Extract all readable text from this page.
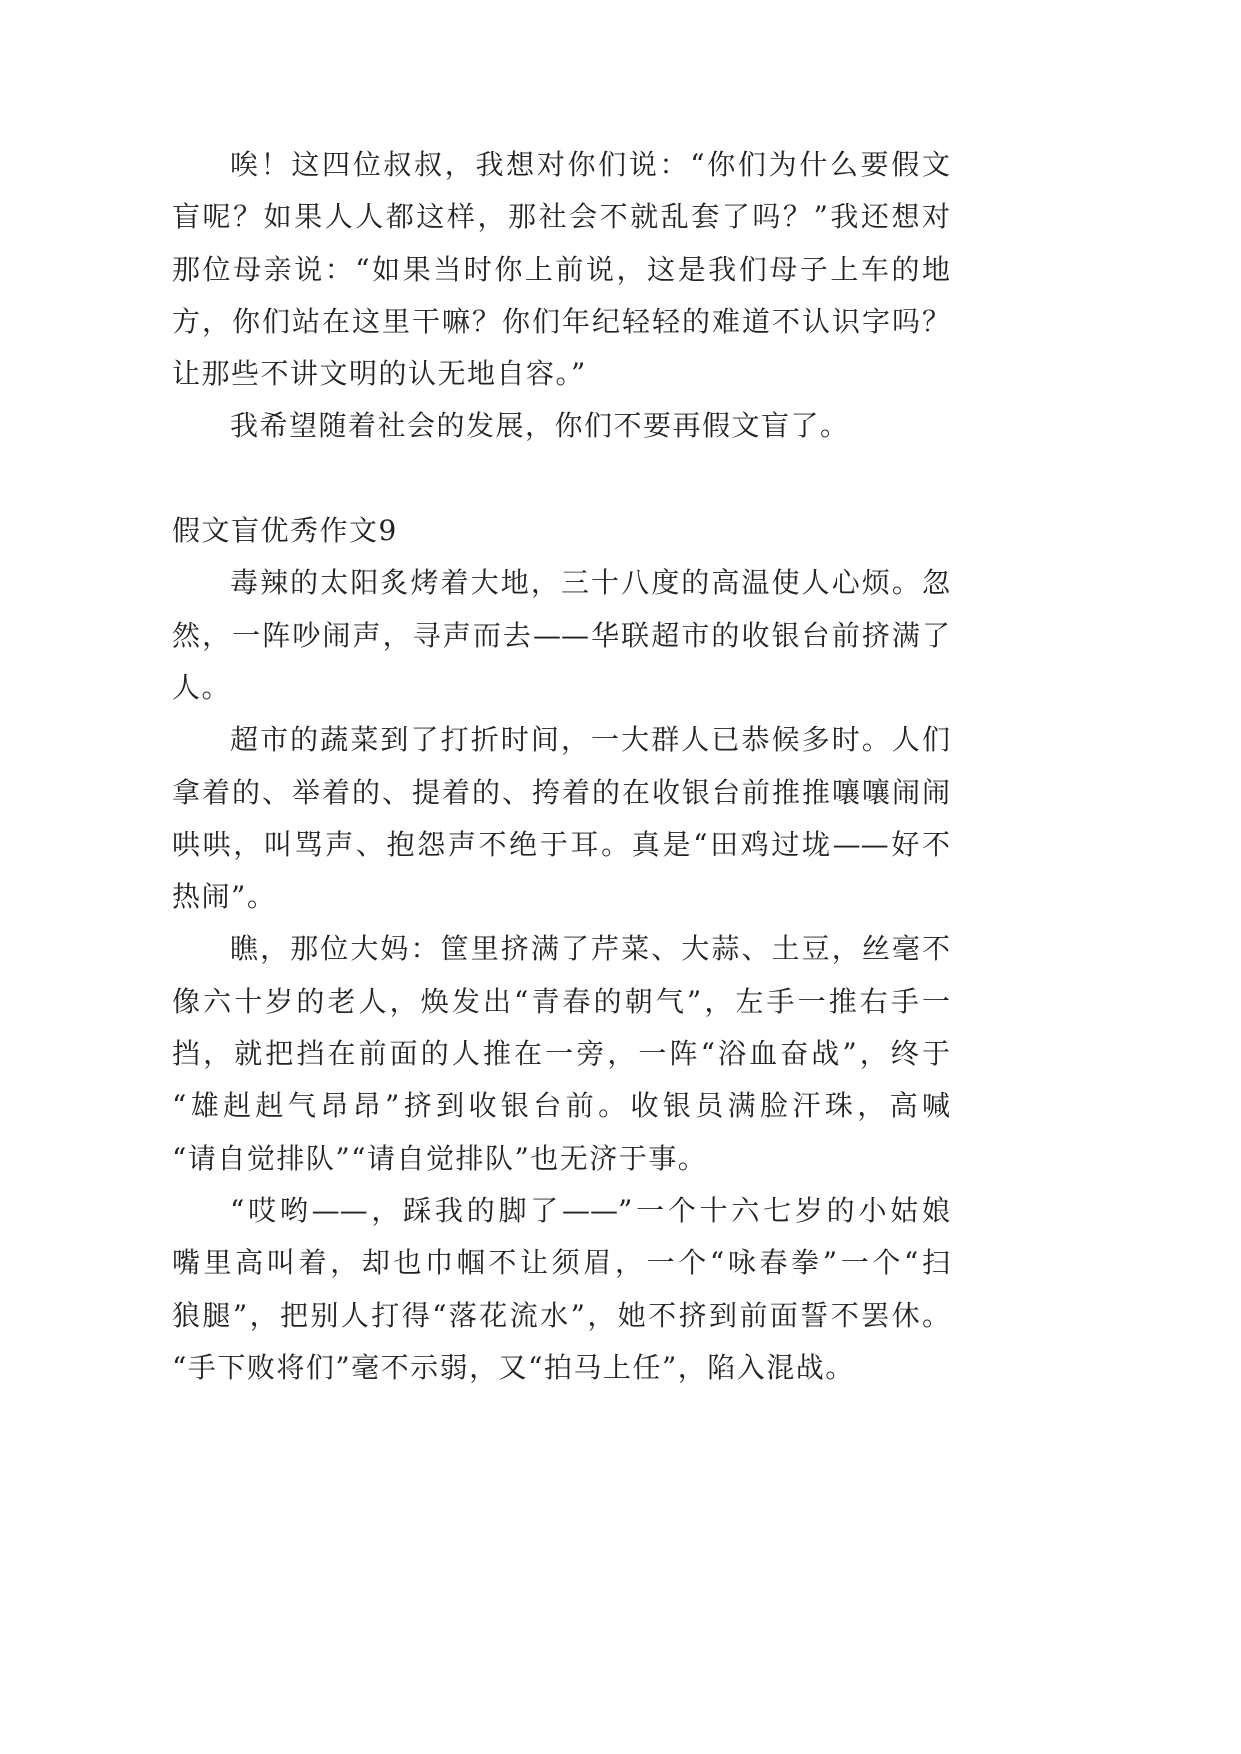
唉！这四位叔叔，我想对你们说：“你们为什么要假文
盲呢？如果人人都这样，那社会不就乱套了吗？”我还想对
那位母亲说：“如果当时你上前说，这是我们母子上车的地
方，你们站在这里干嘛？你们年纪轻轻的难道不认识字吗？
让那些不讲文明的认无地自容。”
我希望随着社会的发展，你们不要再假文盲了。
假文盲优秀作文9
毒辣的太阳炙烤着大地，三十八度的高温使人心烦。忽
然，一阵吵闹声，寻声而去——华联超市的收银台前挤满了
人。
超市的蔬菜到了打折时间，一大群人已恭候多时。人们
拿着的、举着的、提着的、挎着的在收银台前推推嚷嚷闹闹
哄哄，叫骂声、抱怨声不绝于耳。真是“田鸡过垅——好不
热闹”。
瞧，那位大妈：筐里挤满了芹菜、大蒜、土豆，丝毫不
像六十岁的老人，焕发出“青春的朝气”，左手一推右手一
挡，就把挡在前面的人推在一旁，一阵“浴血奋战”，终于
“雄赳赳气昂昂”挤到收银台前。收银员满脸汗珠，高喊
“请自觉排队”“请自觉排队”也无济于事。
“哎哟——，踩我的脚了——”一个十六七岁的小姑娘
嘴里高叫着，却也巾帼不让须眉，一个“咏春拳”一个“扫
狼腿”，把别人打得“落花流水”，她不挤到前面誓不罢休。
“手下败将们”毫不示弱，又“拍马上任”，陷入混战。
